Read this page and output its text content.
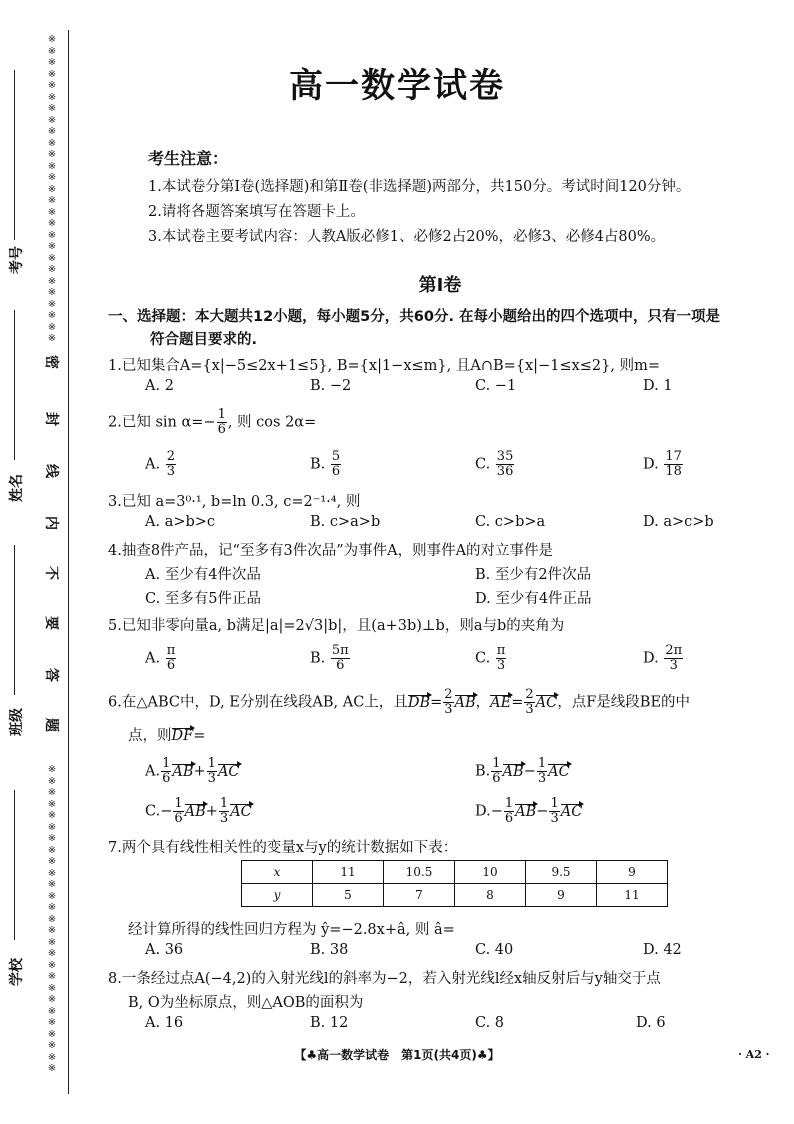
※
※
※
※
※
※
※
※
※
※
※
※
※
※
※
※
※
※
※
※
※
※
※
※
※
※
※
※
※
※
※
※
※
※
※
※
※
※
※
※
※
※
※
※
※
※
※
※
※
※
※
※
※
※
密
封
线
内
不
要
答
题
考号
姓名
班级
学校
高一数学试卷
考生注意：
1.本试卷分第Ⅰ卷(选择题)和第Ⅱ卷(非选择题)两部分，共150分。考试时间120分钟。
2.请将各题答案填写在答题卡上。
3.本试卷主要考试内容：人教A版必修1、必修2占20%，必修3、必修4占80%。
第Ⅰ卷
一、选择题：本大题共12小题，每小题5分，共60分. 在每小题给出的四个选项中，只有一项是
符合题目要求的.
1.已知集合A={x|−5≤2x+1≤5}, B={x|1−x≤m}, 且A∩B={x|−1≤x≤2}, 则m=
A. 2	B. −2	C. −1	D. 1
2.已知 $\sin \alpha=- \frac{1}{6}$ , 则 cos 2α=
A. $\frac{2}{3}$	B. $\frac{5}{6}$	C. $\frac{35}{36}$	D. $\frac{17}{18}$
3.已知 a=3⁰·¹, b=ln 0.3, c=2⁻¹·⁴, 则
A. a>b>c	B. c>a>b	C. c>b>a	D. a>c>b
4.抽查8件产品，记“至多有3件次品”为事件A，则事件A的对立事件是
A. 至少有4件次品	B. 至少有2件次品
C. 至多有5件正品	D. 至少有4件正品
5.已知非零向量a, b满足|a|=2√3|b|，且(a+3b)⊥b，则a与b的夹角为
A. $\frac{\pi}{6}$	B. $\frac{5\pi}{6}$	C. $\frac{\pi}{3}$	D. $\frac{2\pi}{3}$
6.在△ABC中，D, E分别在线段AB, AC上，且$DB= \frac{2}{3}$ AB，$AE= \frac{2}{3}$ AC，点F是线段BE的中
点，则DF=
A. $\frac{1}{6} AB+ \frac{1}{3}$ AC	B. $\frac{1}{6} AB- \frac{1}{3}$ AC
$C.- \frac{1}{6} AB+ \frac{1}{3}$ AC	$D.- \frac{1}{6} AB- \frac{1}{3}$ AC
7.两个具有线性相关性的变量x与y的统计数据如下表：
x	11	10.5	10	9.5	9
y	5	7	8	9	11
经计算所得的线性回归方程为 ŷ=−2.8x+â, 则 â=
A. 36	B. 38	C. 40	D. 42
8.一条经过点A(−4,2)的入射光线l的斜率为−2，若入射光线l经x轴反射后与y轴交于点
B, O为坐标原点，则△AOB的面积为
A. 16	B. 12	C. 8	D. 6
【♣高一数学试卷　第1页(共4页)♣】	· A2 ·
